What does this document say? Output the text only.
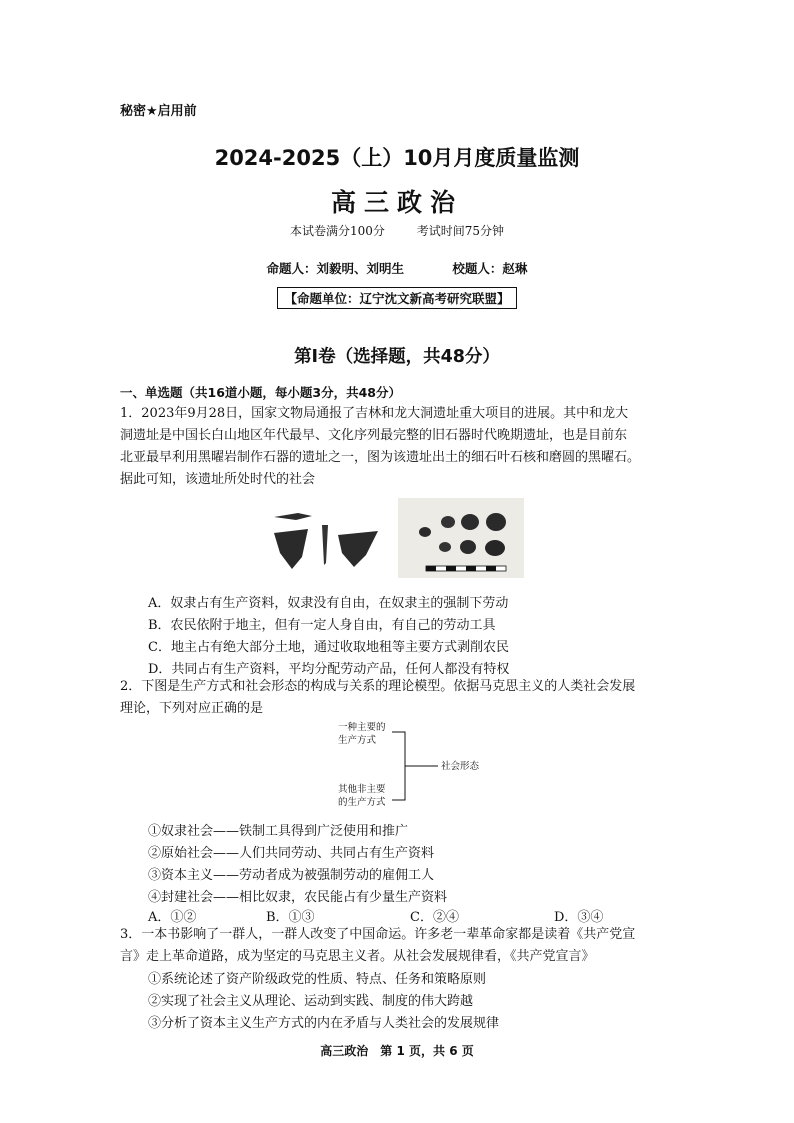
秘密★启用前
2024-2025（上）10月月度质量监测
高三政治
本试卷满分100分	考试时间75分钟
命题人：刘毅明、刘明生	校题人：赵琳
【命题单位：辽宁沈文新高考研究联盟】
第Ⅰ卷（选择题，共48分）
一、单选题（共16道小题，每小题3分，共48分）
1．2023年9月28日，国家文物局通报了吉林和龙大洞遗址重大项目的进展。其中和龙大
洞遗址是中国长白山地区年代最早、文化序列最完整的旧石器时代晚期遗址，也是目前东
北亚最早利用黑曜岩制作石器的遗址之一，图为该遗址出土的细石叶石核和磨圆的黑曜石。
据此可知，该遗址所处时代的社会
A．奴隶占有生产资料，奴隶没有自由，在奴隶主的强制下劳动
B．农民依附于地主，但有一定人身自由，有自己的劳动工具
C．地主占有绝大部分土地，通过收取地租等主要方式剥削农民
D．共同占有生产资料，平均分配劳动产品，任何人都没有特权
2．下图是生产方式和社会形态的构成与关系的理论模型。依据马克思主义的人类社会发展
理论，下列对应正确的是
一种主要的
生产方式
其他非主要
的生产方式
社会形态
①奴隶社会——铁制工具得到广泛使用和推广
②原始社会——人们共同劳动、共同占有生产资料
③资本主义——劳动者成为被强制劳动的雇佣工人
④封建社会——相比奴隶，农民能占有少量生产资料
A．①②	B．①③	C．②④	D．③④
3．一本书影响了一群人，一群人改变了中国命运。许多老一辈革命家都是读着《共产党宣
言》走上革命道路，成为坚定的马克思主义者。从社会发展规律看，《共产党宣言》
①系统论述了资产阶级政党的性质、特点、任务和策略原则
②实现了社会主义从理论、运动到实践、制度的伟大跨越
③分析了资本主义生产方式的内在矛盾与人类社会的发展规律
高三政治　第 1 页，共 6 页
